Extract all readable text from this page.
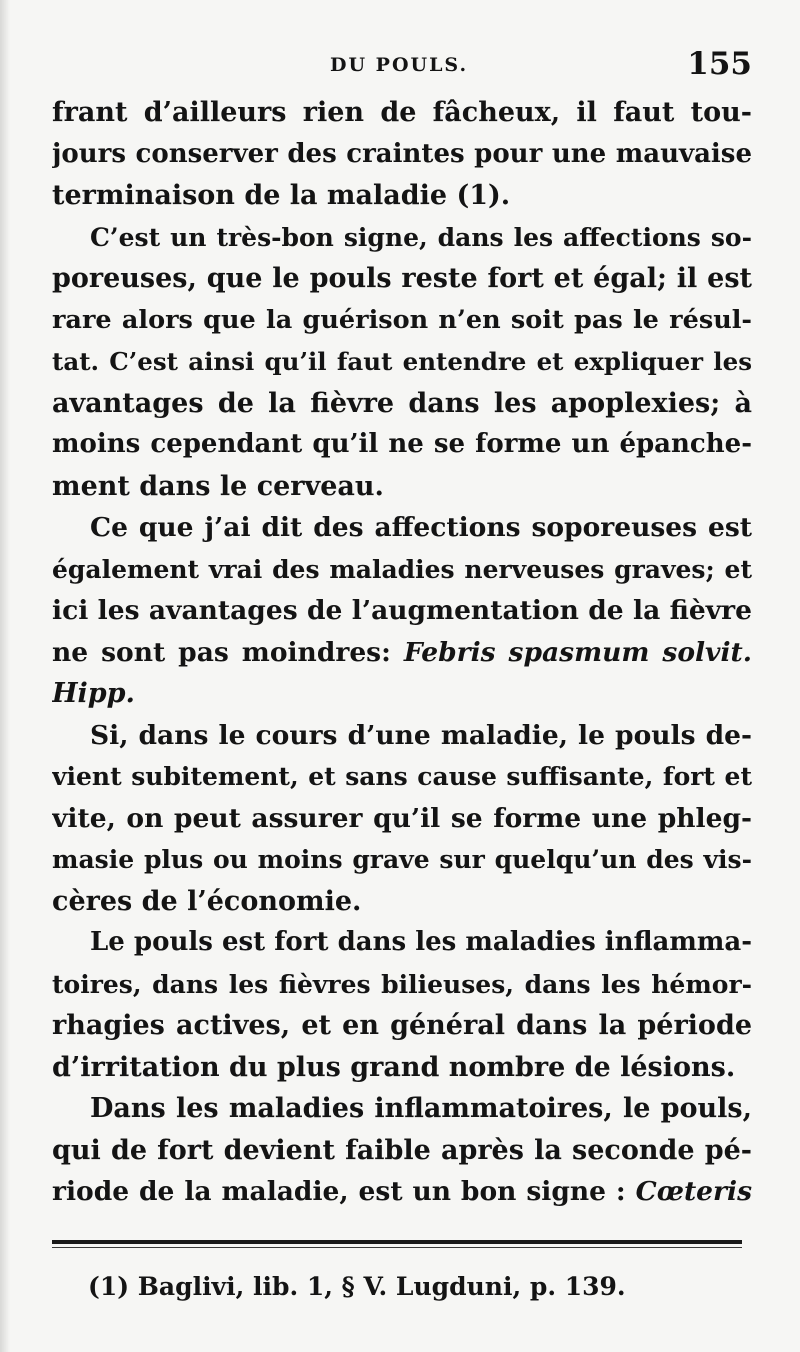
DU POULS.	155
frant d’ailleurs rien de fâcheux, il faut tou-
jours conserver des craintes pour une mauvaise
terminaison de la maladie (1).
C’est un très-bon signe, dans les affections so-
poreuses, que le pouls reste fort et égal; il est
rare alors que la guérison n’en soit pas le résul-
tat. C’est ainsi qu’il faut entendre et expliquer les
avantages de la fièvre dans les apoplexies; à
moins cependant qu’il ne se forme un épanche-
ment dans le cerveau.
Ce que j’ai dit des affections soporeuses est
également vrai des maladies nerveuses graves; et
ici les avantages de l’augmentation de la fièvre
ne sont pas moindres: Febris spasmum solvit.
Hipp.
Si, dans le cours d’une maladie, le pouls de-
vient subitement, et sans cause suffisante, fort et
vite, on peut assurer qu’il se forme une phleg-
masie plus ou moins grave sur quelqu’un des vis-
cères de l’économie.
Le pouls est fort dans les maladies inflamma-
toires, dans les fièvres bilieuses, dans les hémor-
rhagies actives, et en général dans la période
d’irritation du plus grand nombre de lésions.
Dans les maladies inflammatoires, le pouls,
qui de fort devient faible après la seconde pé-
riode de la maladie, est un bon signe : Cœteris
(1) Baglivi, lib. 1, § V. Lugduni, p. 139.
